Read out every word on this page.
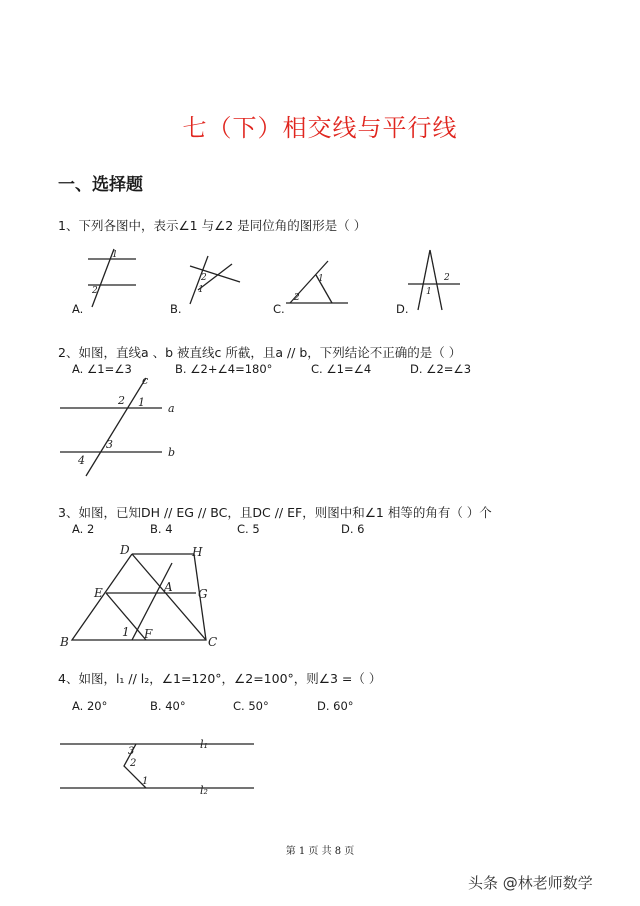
七（下）相交线与平行线
一、选择题
1、下列各图中，表示∠1 与∠2 是同位角的图形是（ ）
1
2
A.
2
1
B.
1
2
C.
2
1
D.
2、如图，直线a 、b 被直线c 所截，且a // b，下列结论不正确的是（ ）
A. ∠1=∠3	B. ∠2+∠4=180°	C. ∠1=∠4	D. ∠2=∠3
c
a
b
2 1
3
4
3、如图，已知DH // EG // BC，且DC // EF，则图中和∠1 相等的角有（ ）个
A. 2	B. 4	C. 5	D. 6
D	H
E	A G
B
1 F
C
4、如图，l₁ // l₂，∠1=120°，∠2=100°，则∠3 =（ ）
A. 20°	B. 40°	C. 50°	D. 60°
l₁
l₂
3
2
1
第 1 页 共 8 页
头条 @林老师数学
